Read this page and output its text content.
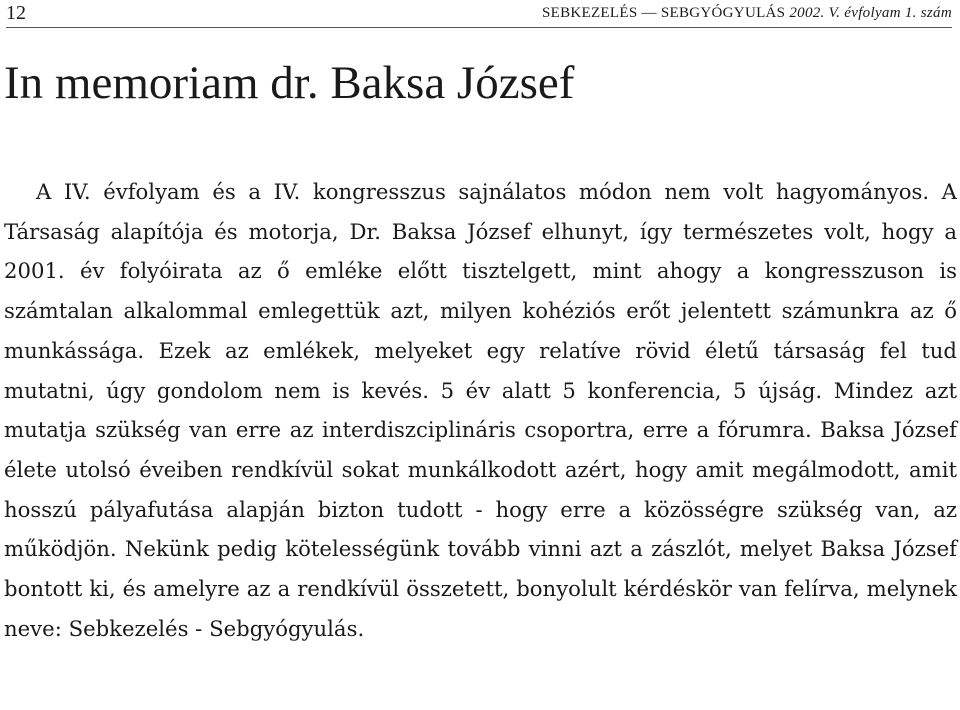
12	SEBKEZELÉS — SEBGYÓGYULÁS 2002. V. évfolyam 1. szám
In memoriam dr. Baksa József

A IV. évfolyam és a IV. kongresszus sajnálatos módon nem volt hagyományos. A Társaság alapítója és motorja, Dr. Baksa József elhunyt, így természetes volt, hogy a 2001. év folyóirata az ő emléke előtt tisztelgett, mint ahogy a kongresszuson is számtalan alkalommal emlegettük azt, milyen kohéziós erőt jelentett számunkra az ő munkássága. Ezek az emlékek, melyeket egy relatíve rövid életű társaság fel tud mutatni, úgy gondolom nem is kevés. 5 év alatt 5 konferencia, 5 újság. Mindez azt mutatja szükség van erre az interdiszciplináris csoportra, erre a fórumra. Baksa József élete utolsó éveiben rendkívül sokat munkálkodott azért, hogy amit megálmodott, amit hosszú pályafutása alapján bizton tudott - hogy erre a közösségre szükség van, az működjön. Nekünk pedig kötelességünk tovább vinni azt a zászlót, melyet Baksa József bontott ki, és amelyre az a rendkívül összetett, bonyolult kérdéskör van felírva, melynek neve: Sebkezelés - Sebgyógyulás.
